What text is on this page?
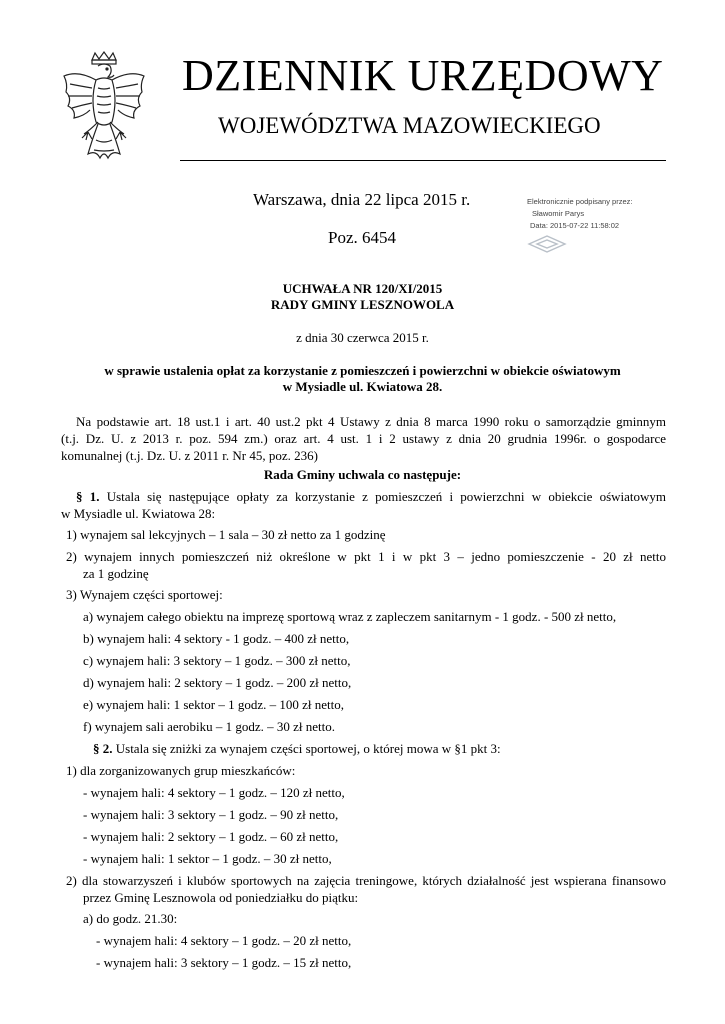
DZIENNIK URZĘDOWY
WOJEWÓDZTWA MAZOWIECKIEGO
Warszawa, dnia 22 lipca 2015 r.
Poz. 6454
Elektronicznie podpisany przez:
Sławomir Parys
Data: 2015-07-22 11:58:02
UCHWAŁA NR 120/XI/2015
RADY GMINY LESZNOWOLA
z dnia 30 czerwca 2015 r.
w sprawie ustalenia opłat za korzystanie z pomieszczeń i powierzchni w obiekcie oświatowym
w Mysiadle ul. Kwiatowa 28.
Na podstawie art. 18 ust.1 i art. 40 ust.2 pkt 4 Ustawy z dnia 8 marca 1990 roku o samorządzie gminnym
(t.j. Dz. U. z 2013 r. poz. 594 zm.) oraz art. 4 ust. 1 i 2 ustawy z dnia 20 grudnia 1996r. o gospodarce
komunalnej (t.j. Dz. U. z 2011 r. Nr 45, poz. 236)
Rada Gminy uchwala co następuje:
§ 1. Ustala się następujące opłaty za korzystanie z pomieszczeń i powierzchni w obiekcie oświatowym
w Mysiadle ul. Kwiatowa 28:
1) wynajem sal lekcyjnych – 1 sala – 30 zł netto za 1 godzinę
2) wynajem innych pomieszczeń niż określone w pkt 1 i w pkt 3 – jedno pomieszczenie - 20 zł netto
za 1 godzinę
3) Wynajem części sportowej:
a) wynajem całego obiektu na imprezę sportową wraz z zapleczem sanitarnym - 1 godz. - 500 zł netto,
b) wynajem hali: 4 sektory - 1 godz. – 400 zł netto,
c) wynajem hali: 3 sektory – 1 godz. – 300 zł netto,
d) wynajem hali: 2 sektory – 1 godz. – 200 zł netto,
e) wynajem hali: 1 sektor – 1 godz. – 100 zł netto,
f) wynajem sali aerobiku – 1 godz. – 30 zł netto.
§ 2. Ustala się zniżki za wynajem części sportowej, o której mowa w §1 pkt 3:
1) dla zorganizowanych grup mieszkańców:
- wynajem hali: 4 sektory – 1 godz. – 120 zł netto,
- wynajem hali: 3 sektory – 1 godz. – 90 zł netto,
- wynajem hali: 2 sektory – 1 godz. – 60 zł netto,
- wynajem hali: 1 sektor – 1 godz. – 30 zł netto,
2) dla stowarzyszeń i klubów sportowych na zajęcia treningowe, których działalność jest wspierana finansowo
przez Gminę Lesznowola od poniedziałku do piątku:
a) do godz. 21.30:
- wynajem hali: 4 sektory – 1 godz. – 20 zł netto,
- wynajem hali: 3 sektory – 1 godz. – 15 zł netto,
